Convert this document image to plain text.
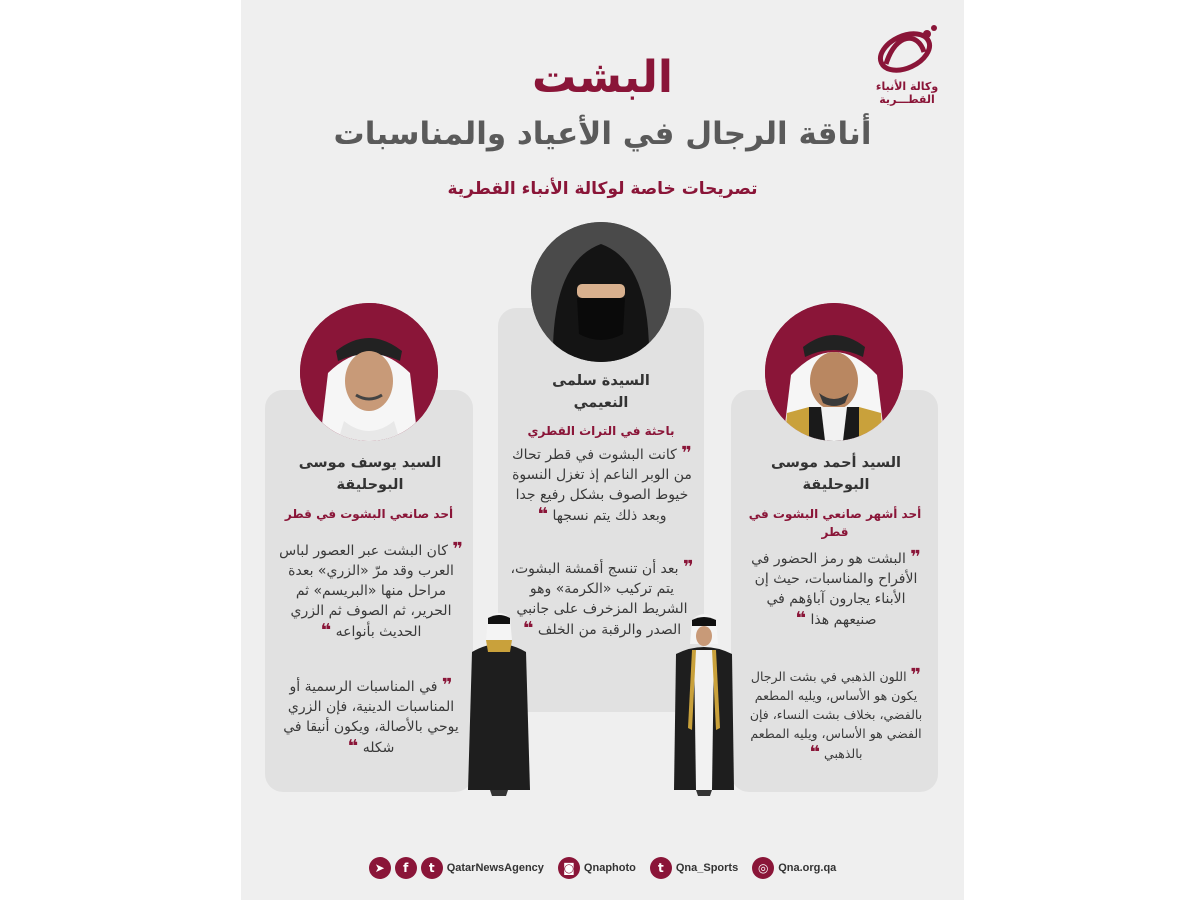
وكالة الأنباء
القطـــرية
البشت
أناقة الرجال في الأعياد والمناسبات
تصريحات خاصة لوكالة الأنباء القطرية
السيد يوسف موسى
البوحليقة
أحد صانعي البشوت في قطر
❞ كان البشت عبر العصور لباس العرب وقد مرّ «الزري» بعدة مراحل منها «البريسم» ثم الحرير، ثم الصوف ثم الزري الحديث بأنواعه ❝
❞ في المناسبات الرسمية أو المناسبات الدينية، فإن الزري يوحي بالأصالة، ويكون أنيقا في شكله ❝
السيدة سلمى
النعيمي
باحثة في التراث القطري
❞ كانت البشوت في قطر تحاك من الوبر الناعم إذ تغزل النسوة خيوط الصوف بشكل رفيع جدا وبعد ذلك يتم نسجها ❝
❞ بعد أن تنسج أقمشة البشوت، يتم تركيب «الكرمة» وهو الشريط المزخرف على جانبي الصدر والرقبة من الخلف ❝
السيد أحمد موسى
البوحليقة
أحد أشهر صانعي البشوت في قطر
❞ البشت هو رمز الحضور في الأفراح والمناسبات، حيث إن الأبناء يجارون آباؤهم في صنيعهم هذا ❝
❞ اللون الذهبي في بشت الرجال يكون هو الأساس، ويليه المطعم بالفضي، بخلاف بشت النساء، فإن الفضي هو الأساس، ويليه المطعم بالذهبي ❝
◎ Qna.org.qa
t	Qna_Sports
◙ Qnaphoto
➤	f	t	QatarNewsAgency
